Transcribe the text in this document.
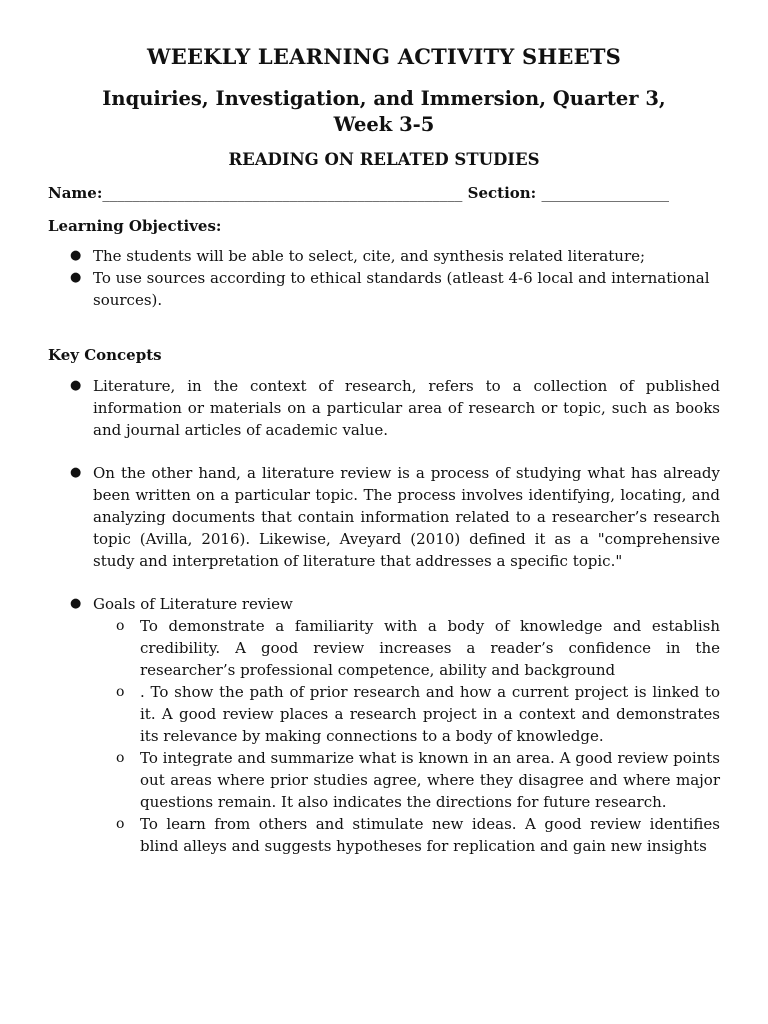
WEEKLY LEARNING ACTIVITY SHEETS
Inquiries, Investigation, and Immersion, Quarter 3,
Week 3-5
READING ON RELATED STUDIES
Name:________________________________________________ Section: _________________
Learning Objectives:
● The students will be able to select, cite, and synthesis related literature;
● To use sources according to ethical standards (atleast 4-6 local and international sources).
Key Concepts
● Literature, in the context of research, refers to a collection of published information or materials on a particular area of research or topic, such as books and journal articles of academic value.
● On the other hand, a literature review is a process of studying what has already been written on a particular topic. The process involves identifying, locating, and analyzing documents that contain information related to a researcher’s research topic (Avilla, 2016). Likewise, Aveyard (2010) defined it as a "comprehensive study and interpretation of literature that addresses a specific topic."
● Goals of Literature review
o To demonstrate a familiarity with a body of knowledge and establish credibility. A good review increases a reader’s confidence in the researcher’s professional competence, ability and background
o . To show the path of prior research and how a current project is linked to it. A good review places a research project in a context and demonstrates its relevance by making connections to a body of knowledge.
o To integrate and summarize what is known in an area. A good review points out areas where prior studies agree, where they disagree and where major questions remain. It also indicates the directions for future research.
o To learn from others and stimulate new ideas. A good review identifies blind alleys and suggests hypotheses for replication and gain new insights
